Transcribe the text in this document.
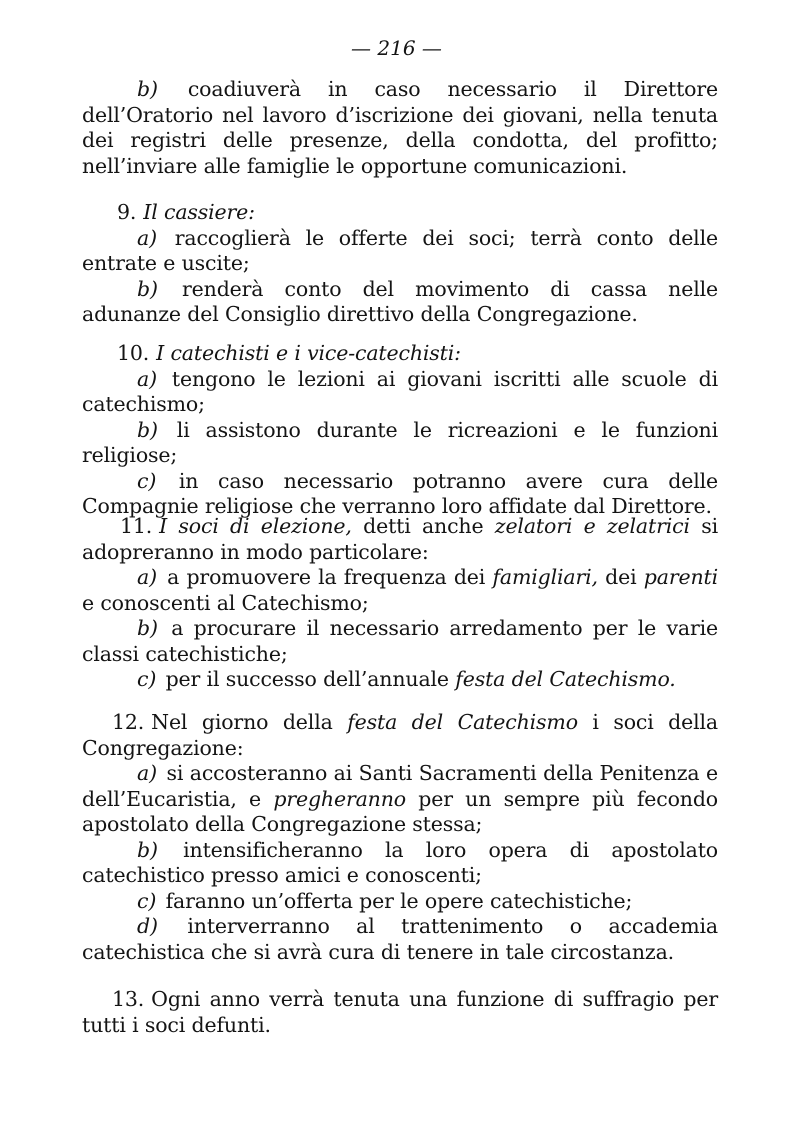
— 216 —

b) coadiuverà in caso necessario il Direttore dell’Oratorio nel lavoro d’iscrizione dei giovani, nella tenuta dei registri delle presenze, della condotta, del profitto; nell’inviare alle famiglie le opportune comunicazioni.

9. Il cassiere:

a) raccoglierà le offerte dei soci; terrà conto delle entrate e uscite;

b) renderà conto del movimento di cassa nelle adunanze del Consiglio direttivo della Congregazione.

10. I catechisti e i vice-catechisti:

a) tengono le lezioni ai giovani iscritti alle scuole di catechismo;

b) li assistono durante le ricreazioni e le funzioni religiose;

c) in caso necessario potranno avere cura delle Compagnie religiose che verranno loro affidate dal Direttore.

11. I soci di elezione, detti anche zelatori e zelatrici si adopreranno in modo particolare:

a) a promuovere la frequenza dei famigliari, dei parenti e conoscenti al Catechismo;

b) a procurare il necessario arredamento per le varie classi catechistiche;

c) per il successo dell’annuale festa del Catechismo.

12. Nel giorno della festa del Catechismo i soci della Congregazione:

a) si accosteranno ai Santi Sacramenti della Penitenza e dell’Eucaristia, e pregheranno per un sempre più fecondo apostolato della Congregazione stessa;

b) intensificheranno la loro opera di apostolato catechistico presso amici e conoscenti;

c) faranno un’offerta per le opere catechistiche;

d) interverranno al trattenimento o accademia catechistica che si avrà cura di tenere in tale circostanza.

13. Ogni anno verrà tenuta una funzione di suffragio per tutti i soci defunti.
